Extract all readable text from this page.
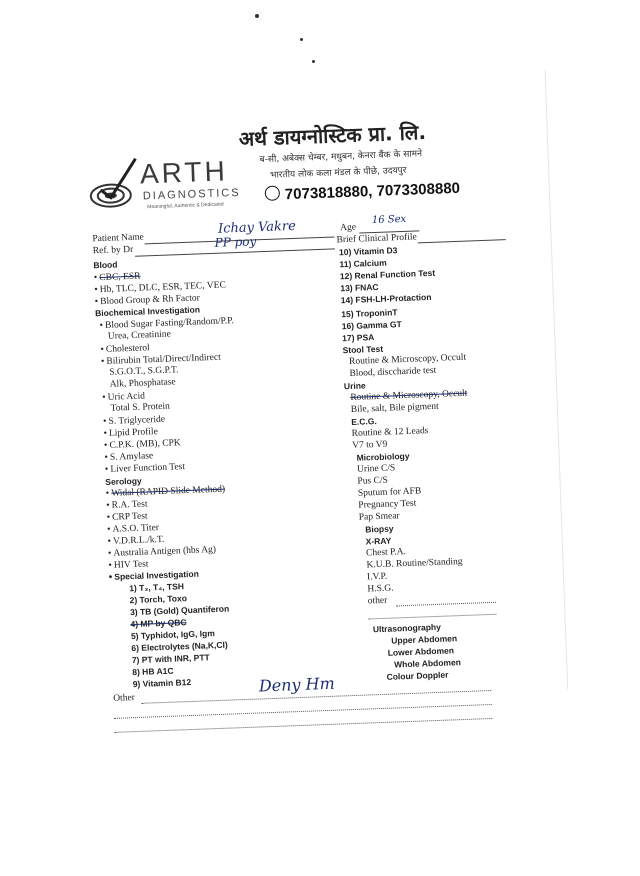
ARTH
DIAGNOSTICS
Meaningful, Authentic & Dedicated
अर्थ डायग्नोस्टिक प्रा. लि.
ब-सी, अबेक्स चेम्बर, मधुबन, केनरा बैंक के सामने
भारतीय लोक कला मंडल के पीछे, उदयपुर
7073818880, 7073308880
Patient Name
Ichay Vakre	Age
16 Sex
Ref. by Dr
PP poy	Brief Clinical Profile
Blood
• CBC, ESR
• Hb, TLC, DLC, ESR, TEC, VEC
• Blood Group & Rh Factor
Biochemical Investigation
• Blood Sugar Fasting/Random/P.P.
Urea, Creatinine
• Cholesterol
• Bilirubin Total/Direct/Indirect
S.G.O.T., S.G.P.T.
Alk, Phosphatase
• Uric Acid
Total S. Protein
• S. Triglyceride
• Lipid Profile
• C.P.K. (MB), CPK
• S. Amylase
• Liver Function Test
Serology
• Widal (RAPID Slide Method)
• R.A. Test
• CRP Test
• A.S.O. Titer
• V.D.R.L./k.T.
• Australia Antigen (hbs Ag)
• HIV Test
• Special Investigation
1) T₃, T₄, TSH
2) Torch, Toxo
3) TB (Gold) Quantiferon
4) MP by QBC
5) Typhidot, IgG, Igm
6) Electrolytes (Na,K,Cl)
7) PT with INR, PTT
8) HB A1C
9) Vitamin B12
Other
Deny Hm
10) Vitamin D3
11) Calcium
12) Renal Function Test
13) FNAC
14) FSH-LH-Protaction
15) TroponinT
16) Gamma GT
17) PSA
Stool Test
Routine & Microscopy, Occult
Blood, disccharide test
Urine
Routine & Microscopy, Occult
Bile, salt, Bile pigment
E.C.G.
Routine & 12 Leads
V7 to V9
Microbiology
Urine C/S
Pus C/S
Sputum for AFB
Pregnancy Test
Pap Smear
Biopsy
X-RAY
Chest P.A.
K.U.B. Routine/Standing
I.V.P.
H.S.G.
other
Ultrasonography
Upper Abdomen
Lower Abdomen
Whole Abdomen
Colour Doppler
